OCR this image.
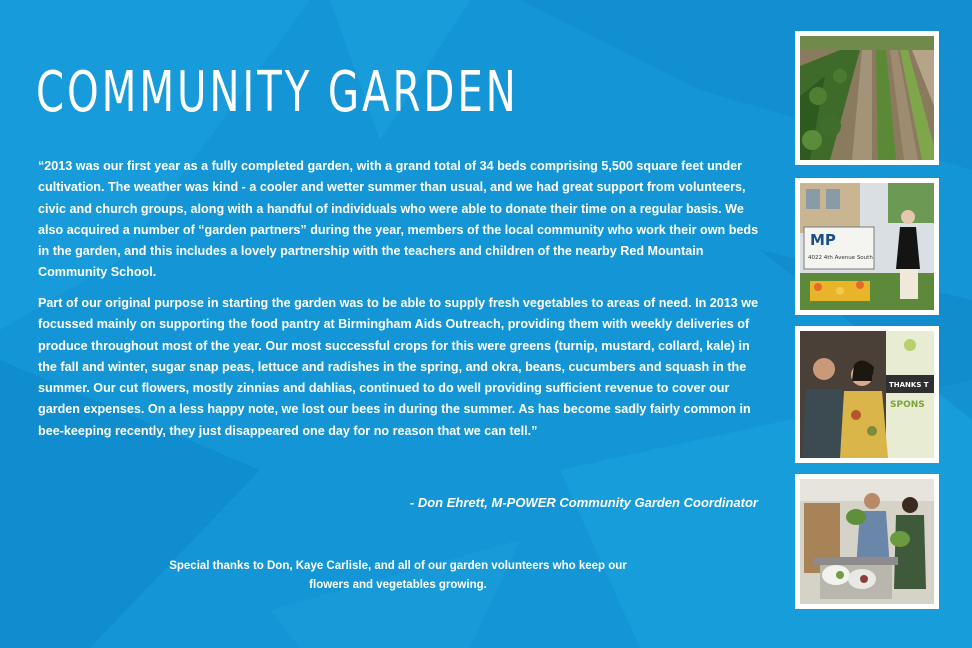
COMMUNITY GARDEN

“2013 was our first year as a fully completed garden, with a grand total of 34 beds comprising 5,500 square feet under cultivation. The weather was kind - a cooler and wetter summer than usual, and we had great support from volunteers, civic and church groups, along with a handful of individuals who were able to donate their time on a regular basis. We also acquired a number of “garden partners” during the year, members of the local community who work their own beds in the garden, and this includes a lovely partnership with the teachers and children of the nearby Red Mountain Community School.

Part of our original purpose in starting the garden was to be able to supply fresh vegetables to areas of need. In 2013 we focussed mainly on supporting the food pantry at Birmingham Aids Outreach, providing them with weekly deliveries of produce throughout most of the year. Our most successful crops for this were greens (turnip, mustard, collard, kale) in the fall and winter, sugar snap peas, lettuce and radishes in the spring, and okra, beans, cucumbers and squash in the summer. Our cut flowers, mostly zinnias and dahlias, continued to do well providing sufficient revenue to cover our garden expenses. On a less happy note, we lost our bees in during the summer. As has become sadly fairly common in bee-keeping recently, they just disappeared one day for no reason that we can tell.”

- Don Ehrett, M-POWER Community Garden Coordinator

Special thanks to Don, Kaye Carlisle, and all of our garden volunteers who keep our flowers and vegetables growing.

MP
4022 4th Avenue South
THANKS T
SPONS
